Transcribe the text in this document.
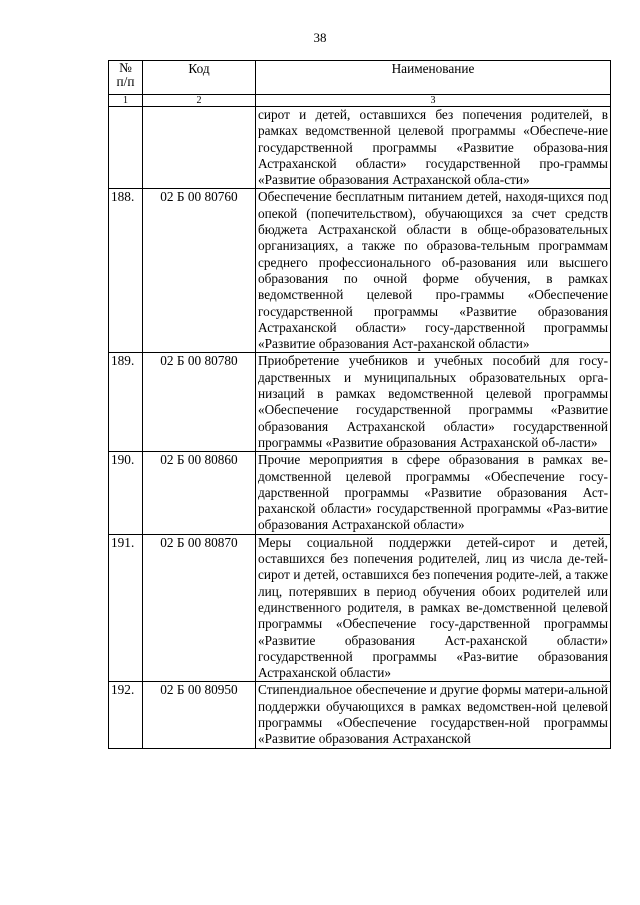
38
№
п/п	Код	Наименование
1	2	3
		сирот и детей, оставшихся без попечения родителей, в рамках ведомственной целевой программы «Обеспече-ние государственной программы «Развитие образова-ния Астраханской области» государственной про-граммы «Развитие образования Астраханской обла-сти»
188.	02 Б 00 80760	Обеспечение бесплатным питанием детей, находя-щихся под опекой (попечительством), обучающихся за счет средств бюджета Астраханской области в обще-образовательных организациях, а также по образова-тельным программам среднего профессионального об-разования или высшего образования по очной форме обучения, в рамках ведомственной целевой про-граммы «Обеспечение государственной программы «Развитие образования Астраханской области» госу-дарственной программы «Развитие образования Аст-раханской области»
189.	02 Б 00 80780	Приобретение учебников и учебных пособий для госу-дарственных и муниципальных образовательных орга-низаций в рамках ведомственной целевой программы «Обеспечение государственной программы «Развитие образования Астраханской области» государственной программы «Развитие образования Астраханской об-ласти»
190.	02 Б 00 80860	Прочие мероприятия в сфере образования в рамках ве-домственной целевой программы «Обеспечение госу-дарственной программы «Развитие образования Аст-раханской области» государственной программы «Раз-витие образования Астраханской области»
191.	02 Б 00 80870	Меры социальной поддержки детей-сирот и детей, оставшихся без попечения родителей, лиц из числа де-тей-сирот и детей, оставшихся без попечения родите-лей, а также лиц, потерявших в период обучения обоих родителей или единственного родителя, в рамках ве-домственной целевой программы «Обеспечение госу-дарственной программы «Развитие образования Аст-раханской области» государственной программы «Раз-витие образования Астраханской области»
192.	02 Б 00 80950	Стипендиальное обеспечение и другие формы матери-альной поддержки обучающихся в рамках ведомствен-ной целевой программы «Обеспечение государствен-ной программы «Развитие образования Астраханской
